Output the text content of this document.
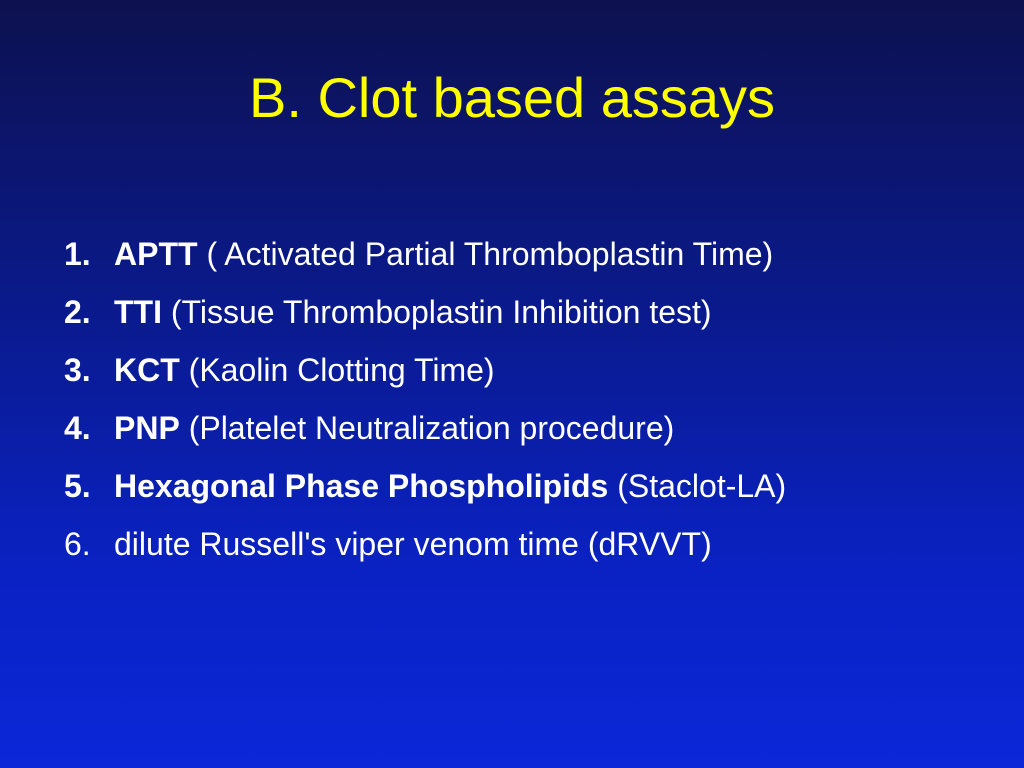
B. Clot based assays
1. APTT ( Activated Partial Thromboplastin Time)
2. TTI (Tissue Thromboplastin Inhibition test)
3. KCT (Kaolin Clotting Time)
4. PNP (Platelet Neutralization procedure)
5. Hexagonal Phase Phospholipids (Staclot-LA)
6. dilute Russell's viper venom time (dRVVT)
